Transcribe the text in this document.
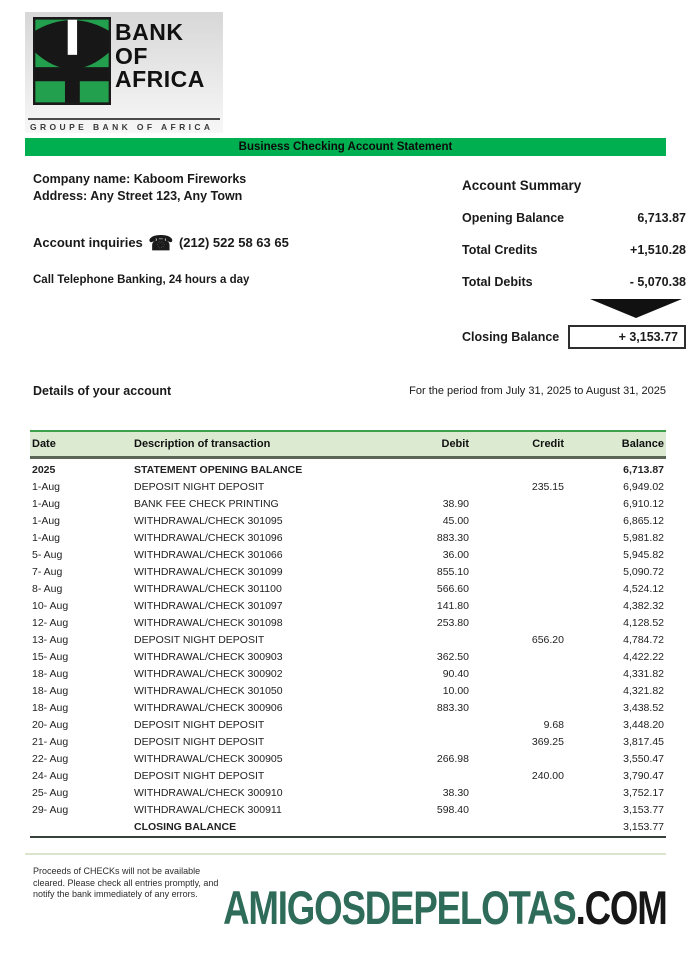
BANK
OF
AFRICA
GROUPE BANK OF AFRICA
Business Checking Account Statement
Company name: Kaboom Fireworks
Address: Any Street 123, Any Town
Account inquiries ☎ (212) 522 58 63 65
Call Telephone Banking, 24 hours a day
Account Summary
Opening Balance	6,713.87
Total Credits	+1,510.28
Total Debits	- 5,070.38
Closing Balance	+ 3,153.77
Details of your account	For the period from July 31, 2025 to August 31, 2025
Date	Description of transaction	Debit	Credit	Balance
2025	STATEMENT OPENING BALANCE			6,713.87
1-Aug	DEPOSIT NIGHT DEPOSIT		235.15	6,949.02
1-Aug	BANK FEE CHECK PRINTING	38.90		6,910.12
1-Aug	WITHDRAWAL/CHECK 301095	45.00		6,865.12
1-Aug	WITHDRAWAL/CHECK 301096	883.30		5,981.82
5- Aug	WITHDRAWAL/CHECK 301066	36.00		5,945.82
7- Aug	WITHDRAWAL/CHECK 301099	855.10		5,090.72
8- Aug	WITHDRAWAL/CHECK 301100	566.60		4,524.12
10- Aug	WITHDRAWAL/CHECK 301097	141.80		4,382.32
12- Aug	WITHDRAWAL/CHECK 301098	253.80		4,128.52
13- Aug	DEPOSIT NIGHT DEPOSIT		656.20	4,784.72
15- Aug	WITHDRAWAL/CHECK 300903	362.50		4,422.22
18- Aug	WITHDRAWAL/CHECK 300902	90.40		4,331.82
18- Aug	WITHDRAWAL/CHECK 301050	10.00		4,321.82
18- Aug	WITHDRAWAL/CHECK 300906	883.30		3,438.52
20- Aug	DEPOSIT NIGHT DEPOSIT		9.68	3,448.20
21- Aug	DEPOSIT NIGHT DEPOSIT		369.25	3,817.45
22- Aug	WITHDRAWAL/CHECK 300905	266.98		3,550.47
24- Aug	DEPOSIT NIGHT DEPOSIT		240.00	3,790.47
25- Aug	WITHDRAWAL/CHECK 300910	38.30		3,752.17
29- Aug	WITHDRAWAL/CHECK 300911	598.40		3,153.77
	CLOSING BALANCE			3,153.77
Proceeds of CHECKs will not be available
cleared. Please check all entries promptly, and
notify the bank immediately of any errors. AMIGOSDEPELOTAS.COM
